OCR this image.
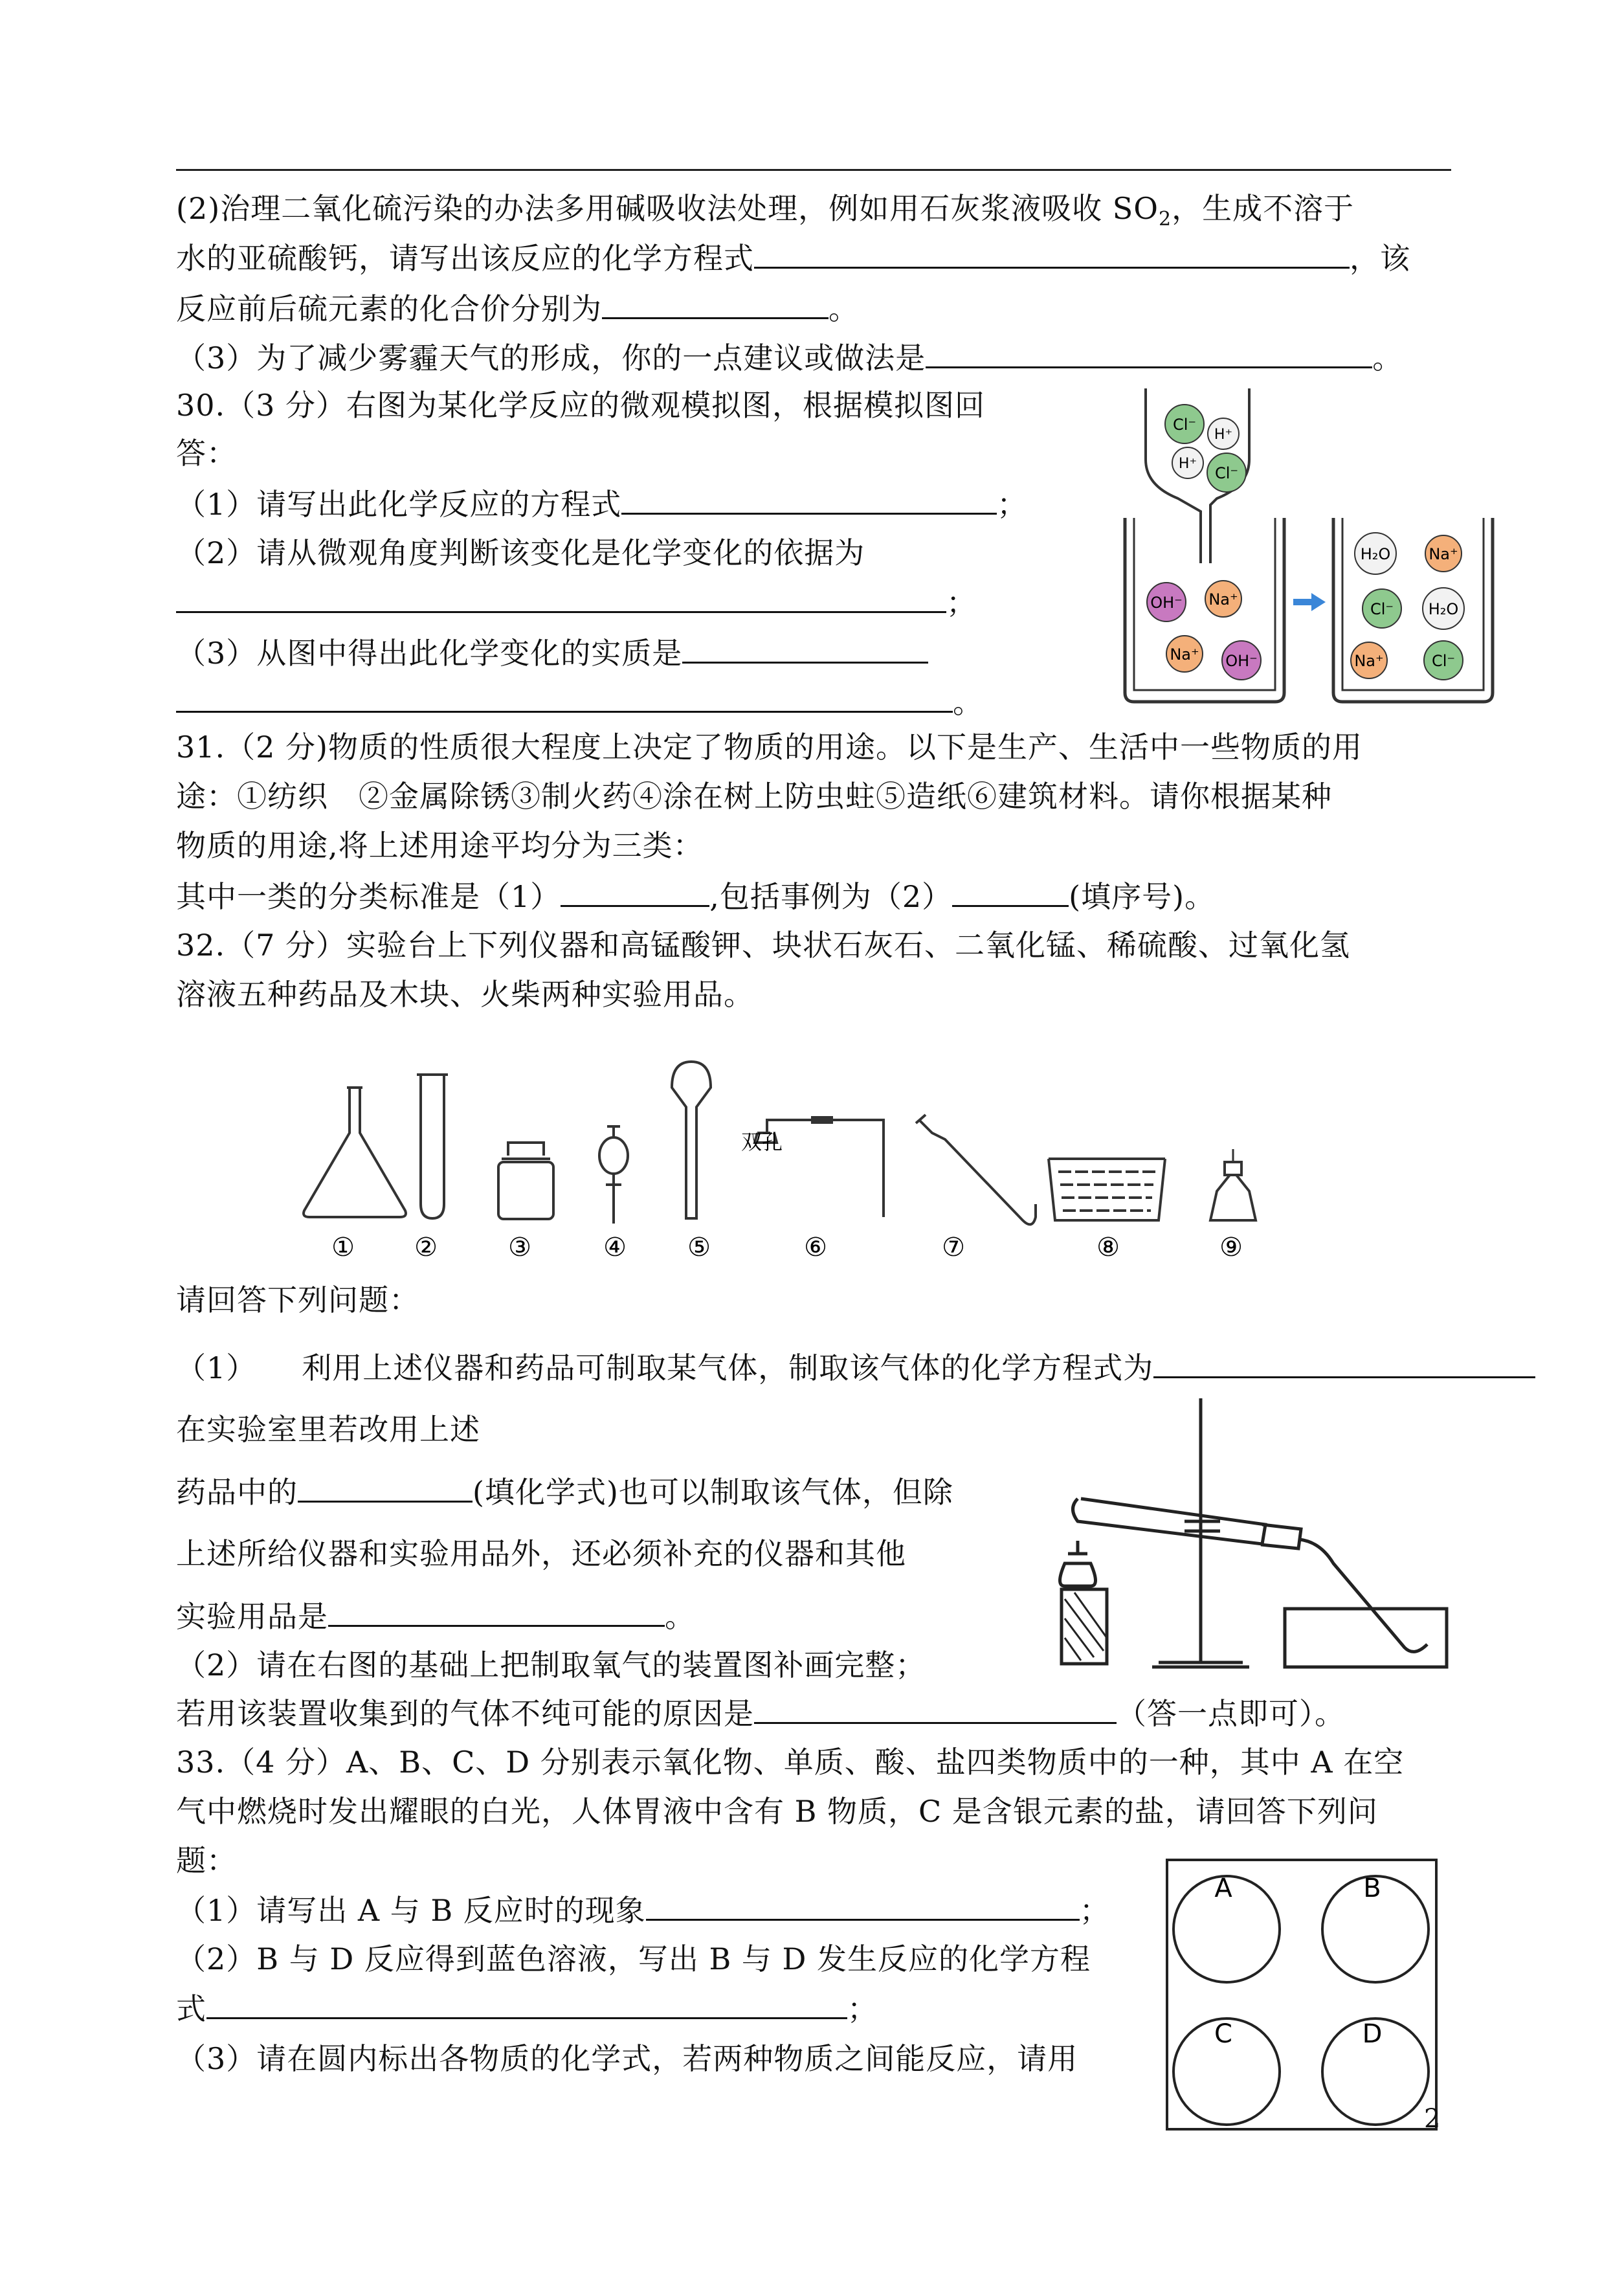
(2)治理二氧化硫污染的办法多用碱吸收法处理，例如用石灰浆液吸收 $SO_2$，生成不溶于
水的亚硫酸钙，请写出该反应的化学方程式	，该
反应前后硫元素的化合价分别为	。
（3）为了减少雾霾天气的形成，你的一点建议或做法是	。
30.（3 分）右图为某化学反应的微观模拟图，根据模拟图回
答：
（1）请写出此化学反应的方程式	；
（2）请从微观角度判断该变化是化学变化的依据为
；
（3）从图中得出此化学变化的实质是
。
Cl⁻
H⁺
H⁺
Cl⁻
OH⁻ Na⁺
Na⁺ OH⁻
H₂O Na⁺
Cl⁻ H₂O
Na⁺	Cl⁻
31.（2 分)物质的性质很大程度上决定了物质的用途。以下是生产、生活中一些物质的用
途：①纺织　②金属除锈③制火药④涂在树上防虫蛀⑤造纸⑥建筑材料。请你根据某种
物质的用途,将上述用途平均分为三类：
其中一类的分类标准是（1）	,包括事例为（2）	(填序号)。
32.（7 分）实验台上下列仪器和高锰酸钾、块状石灰石、二氧化锰、稀硫酸、过氧化氢
溶液五种药品及木块、火柴两种实验用品。
双孔
① ②	③	④ ⑤	⑥	⑦	⑧	⑨
请回答下列问题：
（1） 利用上述仪器和药品可制取某气体，制取该气体的化学方程式为
在实验室里若改用上述
药品中的	(填化学式)也可以制取该气体，但除
上述所给仪器和实验用品外，还必须补充的仪器和其他
实验用品是	。
（2）请在右图的基础上把制取氧气的装置图补画完整；
若用该装置收集到的气体不纯可能的原因是	（答一点即可）。
33.（4 分）A、B、C、D 分别表示氧化物、单质、酸、盐四类物质中的一种，其中 A 在空
气中燃烧时发出耀眼的白光，人体胃液中含有 B 物质，C 是含银元素的盐，请回答下列问
题：
（1）请写出 A 与 B 反应时的现象	；
（2）B 与 D 反应得到蓝色溶液，写出 B 与 D 发生反应的化学方程
式	；
（3）请在圆内标出各物质的化学式，若两种物质之间能反应，请用
A	B
C	D
2
